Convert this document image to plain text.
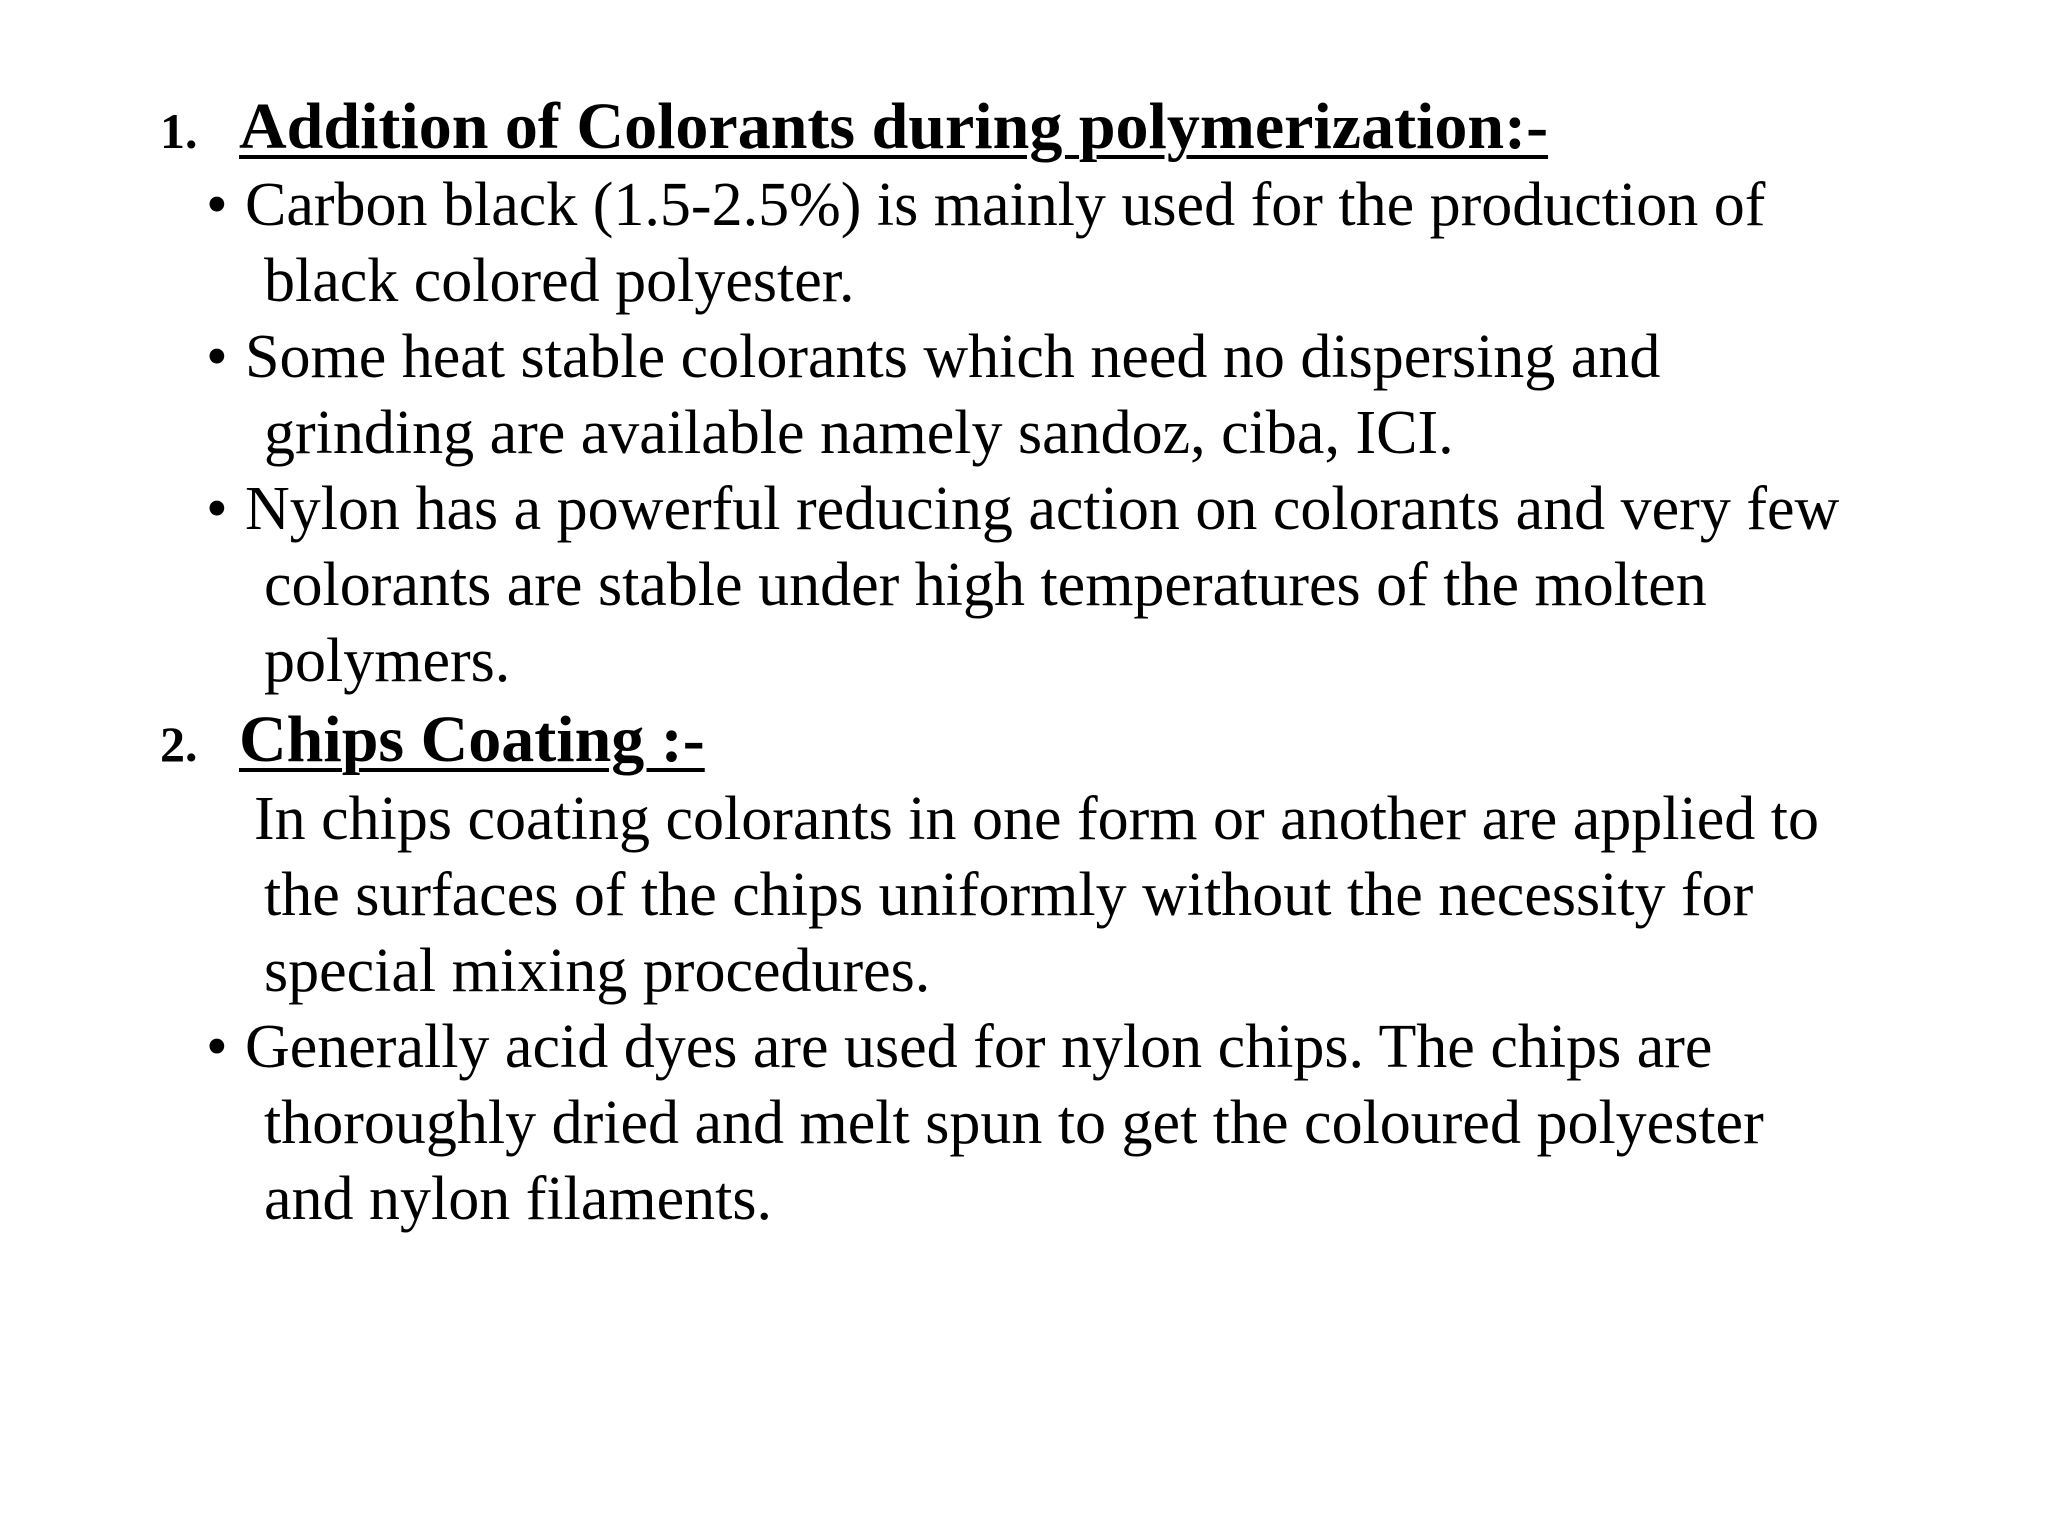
1. Addition of Colorants during polymerization:-
• Carbon black (1.5-2.5%) is mainly used for the production of
black colored polyester.
• Some heat stable colorants which need no dispersing and
grinding are available namely sandoz, ciba, ICI.
• Nylon has a powerful reducing action on colorants and very few
colorants are stable under high temperatures of the molten
polymers.
2. Chips Coating :-
In chips coating colorants in one form or another are applied to
the surfaces of the chips uniformly without the necessity for
special mixing procedures.
• Generally acid dyes are used for nylon chips. The chips are
thoroughly dried and melt spun to get the coloured polyester
and nylon filaments.
